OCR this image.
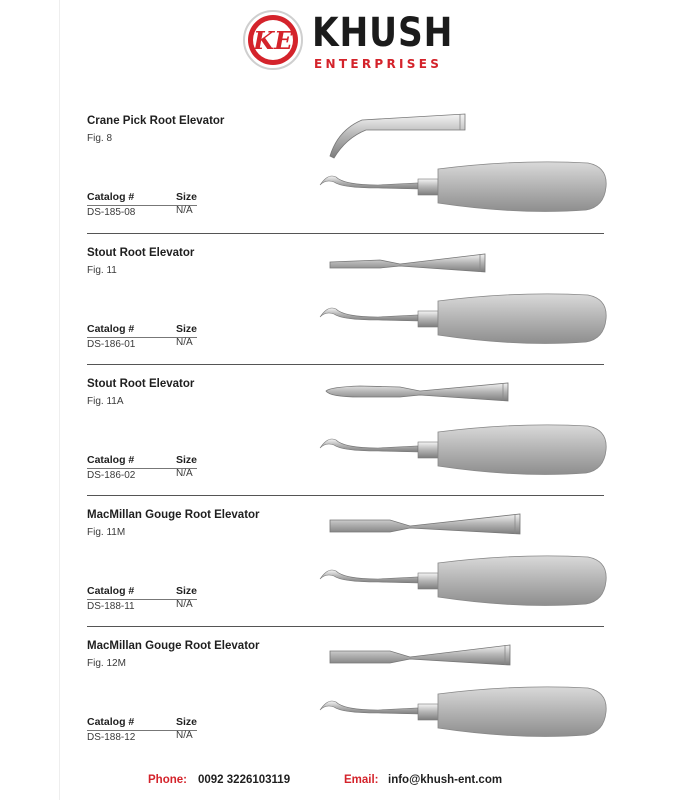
KE KHUSH
ENTERPRISES
Crane Pick Root Elevator
Fig. 8
Catalog #	Size
DS-185-08	N/A
Stout Root Elevator
Fig. 11
Catalog #	Size
DS-186-01	N/A
Stout Root Elevator
Fig. 11A
Catalog #	Size
DS-186-02	N/A
MacMillan Gouge Root Elevator
Fig. 11M
Catalog #	Size
DS-188-11	N/A
MacMillan Gouge Root Elevator
Fig. 12M
Catalog #	Size
DS-188-12	N/A
Phone: 0092 3226103119	Email: info@khush-ent.com
